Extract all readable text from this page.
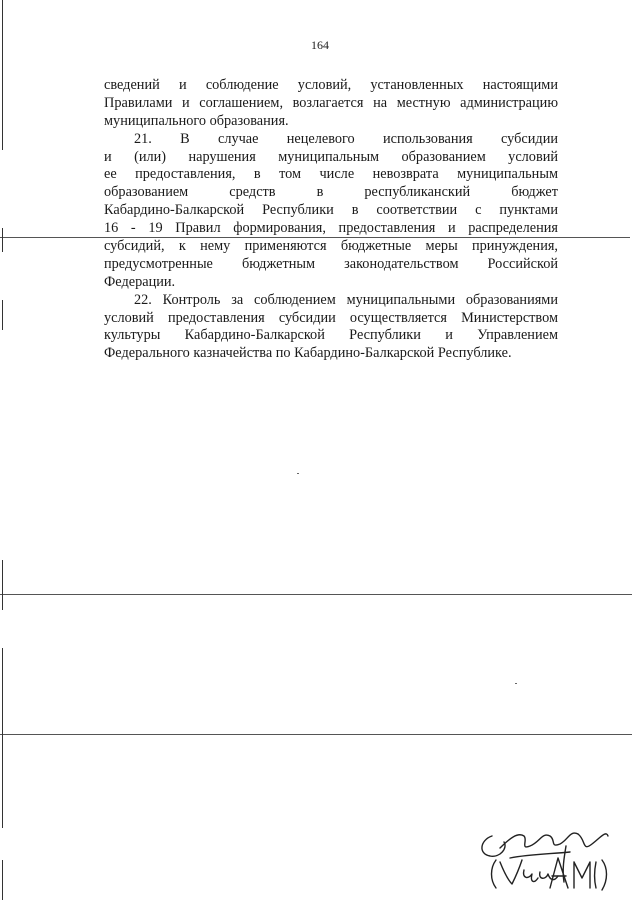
164
сведений и соблюдение условий, установленных настоящими
Правилами и соглашением, возлагается на местную администрацию
муниципального образования.
21. В случае нецелевого использования субсидии
и (или) нарушения муниципальным образованием условий
ее предоставления, в том числе невозврата муниципальным
образованием средств в республиканский бюджет
Кабардино-Балкарской Республики в соответствии с пунктами
16 - 19 Правил формирования, предоставления и распределения
субсидий, к нему применяются бюджетные меры принуждения,
предусмотренные бюджетным законодательством Российской
Федерации.
22. Контроль за соблюдением муниципальными образованиями
условий предоставления субсидии осуществляется Министерством
культуры Кабардино-Балкарской Республики и Управлением
Федерального казначейства по Кабардино-Балкарской Республике.
